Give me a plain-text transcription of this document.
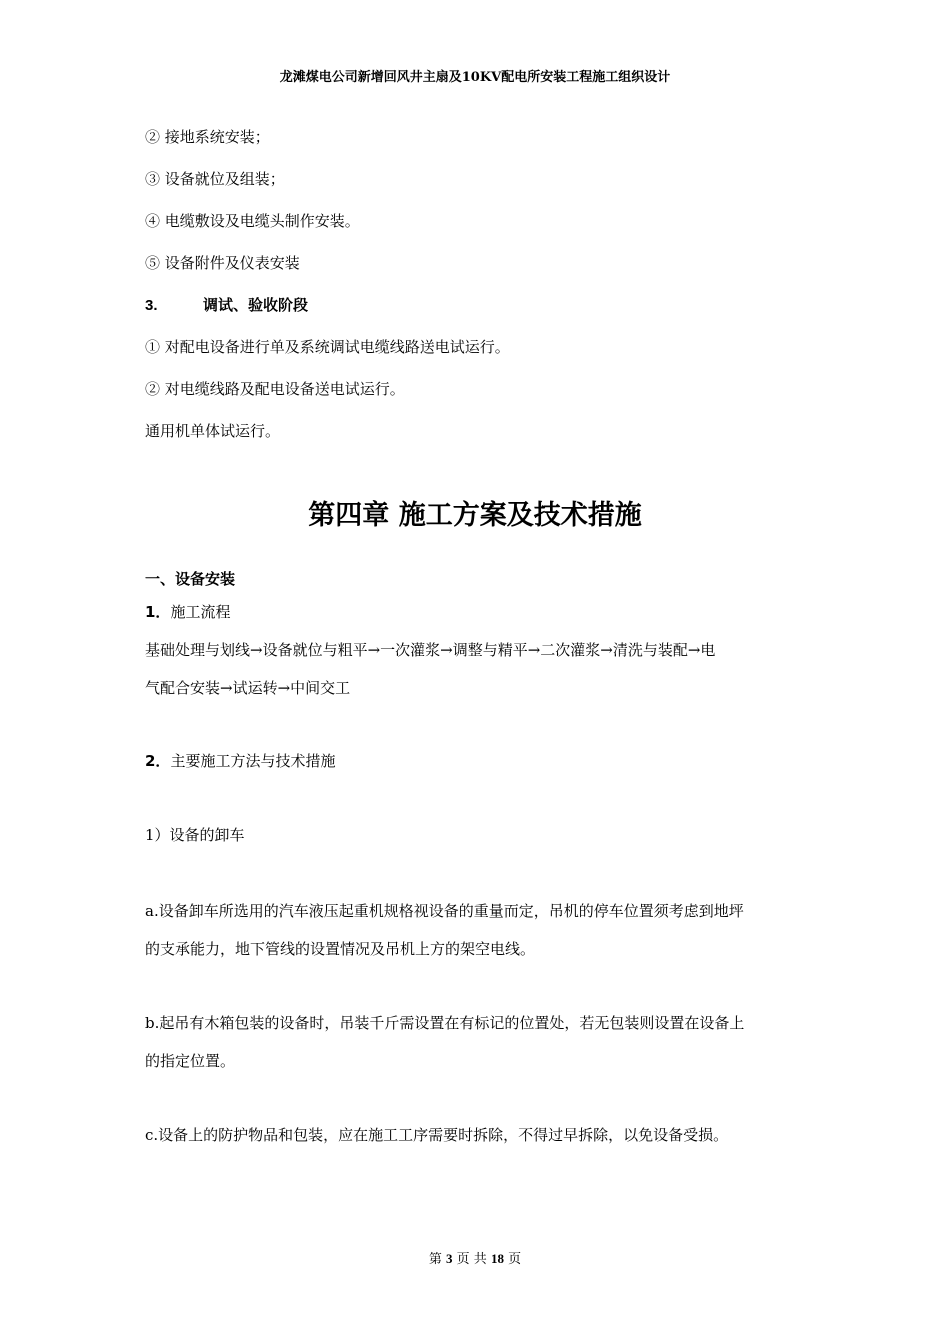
龙滩煤电公司新增回风井主扇及10KV配电所安装工程施工组织设计
② 接地系统安装；
③ 设备就位及组装；
④ 电缆敷设及电缆头制作安装。
⑤ 设备附件及仪表安装
3.	调试、验收阶段
① 对配电设备进行单及系统调试电缆线路送电试运行。
② 对电缆线路及配电设备送电试运行。
通用机单体试运行。
第四章 施工方案及技术措施
一、设备安装
1．施工流程
基础处理与划线→设备就位与粗平→一次灌浆→调整与精平→二次灌浆→清洗与装配→电
气配合安装→试运转→中间交工
2．主要施工方法与技术措施
1）设备的卸车
a.设备卸车所选用的汽车液压起重机规格视设备的重量而定，吊机的停车位置须考虑到地坪
的支承能力，地下管线的设置情况及吊机上方的架空电线。
b.起吊有木箱包装的设备时，吊装千斤需设置在有标记的位置处，若无包装则设置在设备上
的指定位置。
c.设备上的防护物品和包装，应在施工工序需要时拆除，不得过早拆除，以免设备受损。
第 3 页 共 18 页
